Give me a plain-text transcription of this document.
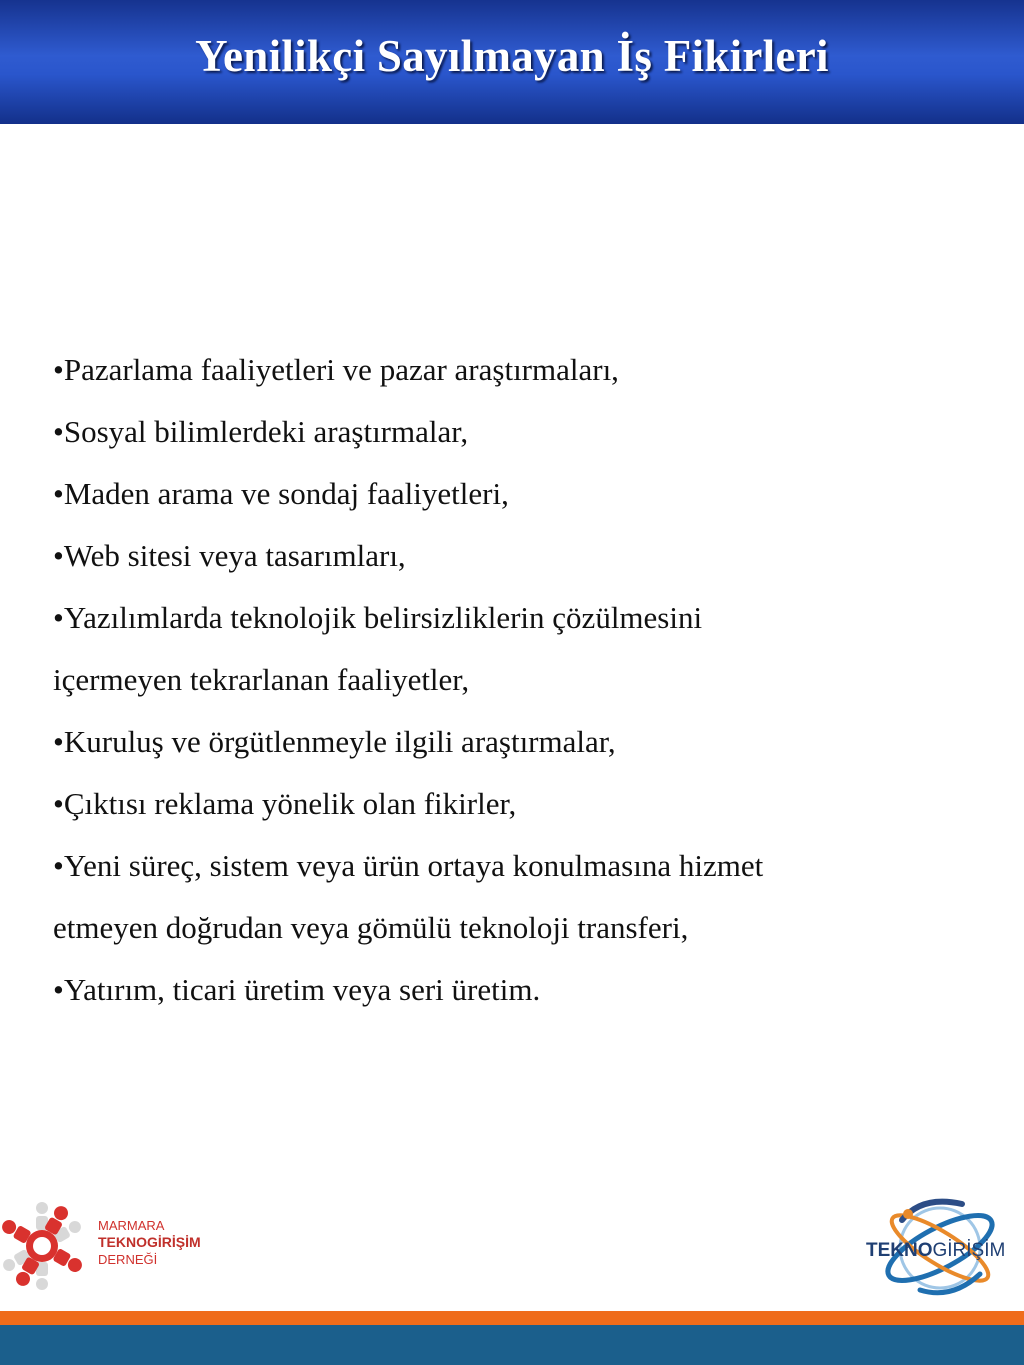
Yenilikçi Sayılmayan İş Fikirleri
•Pazarlama faaliyetleri ve pazar araştırmaları,
•Sosyal bilimlerdeki araştırmalar,
•Maden arama ve sondaj faaliyetleri,
•Web sitesi veya tasarımları,
•Yazılımlarda teknolojik belirsizliklerin çözülmesini
içermeyen tekrarlanan faaliyetler,
•Kuruluş ve örgütlenmeyle ilgili araştırmalar,
•Çıktısı reklama yönelik olan fikirler,
•Yeni süreç, sistem veya ürün ortaya konulmasına hizmet
etmeyen doğrudan veya gömülü teknoloji transferi,
•Yatırım, ticari üretim veya seri üretim.
MARMARA
TEKNOGİRİŞİM
DERNEĞİ	TEKNOGİRİŞİM
